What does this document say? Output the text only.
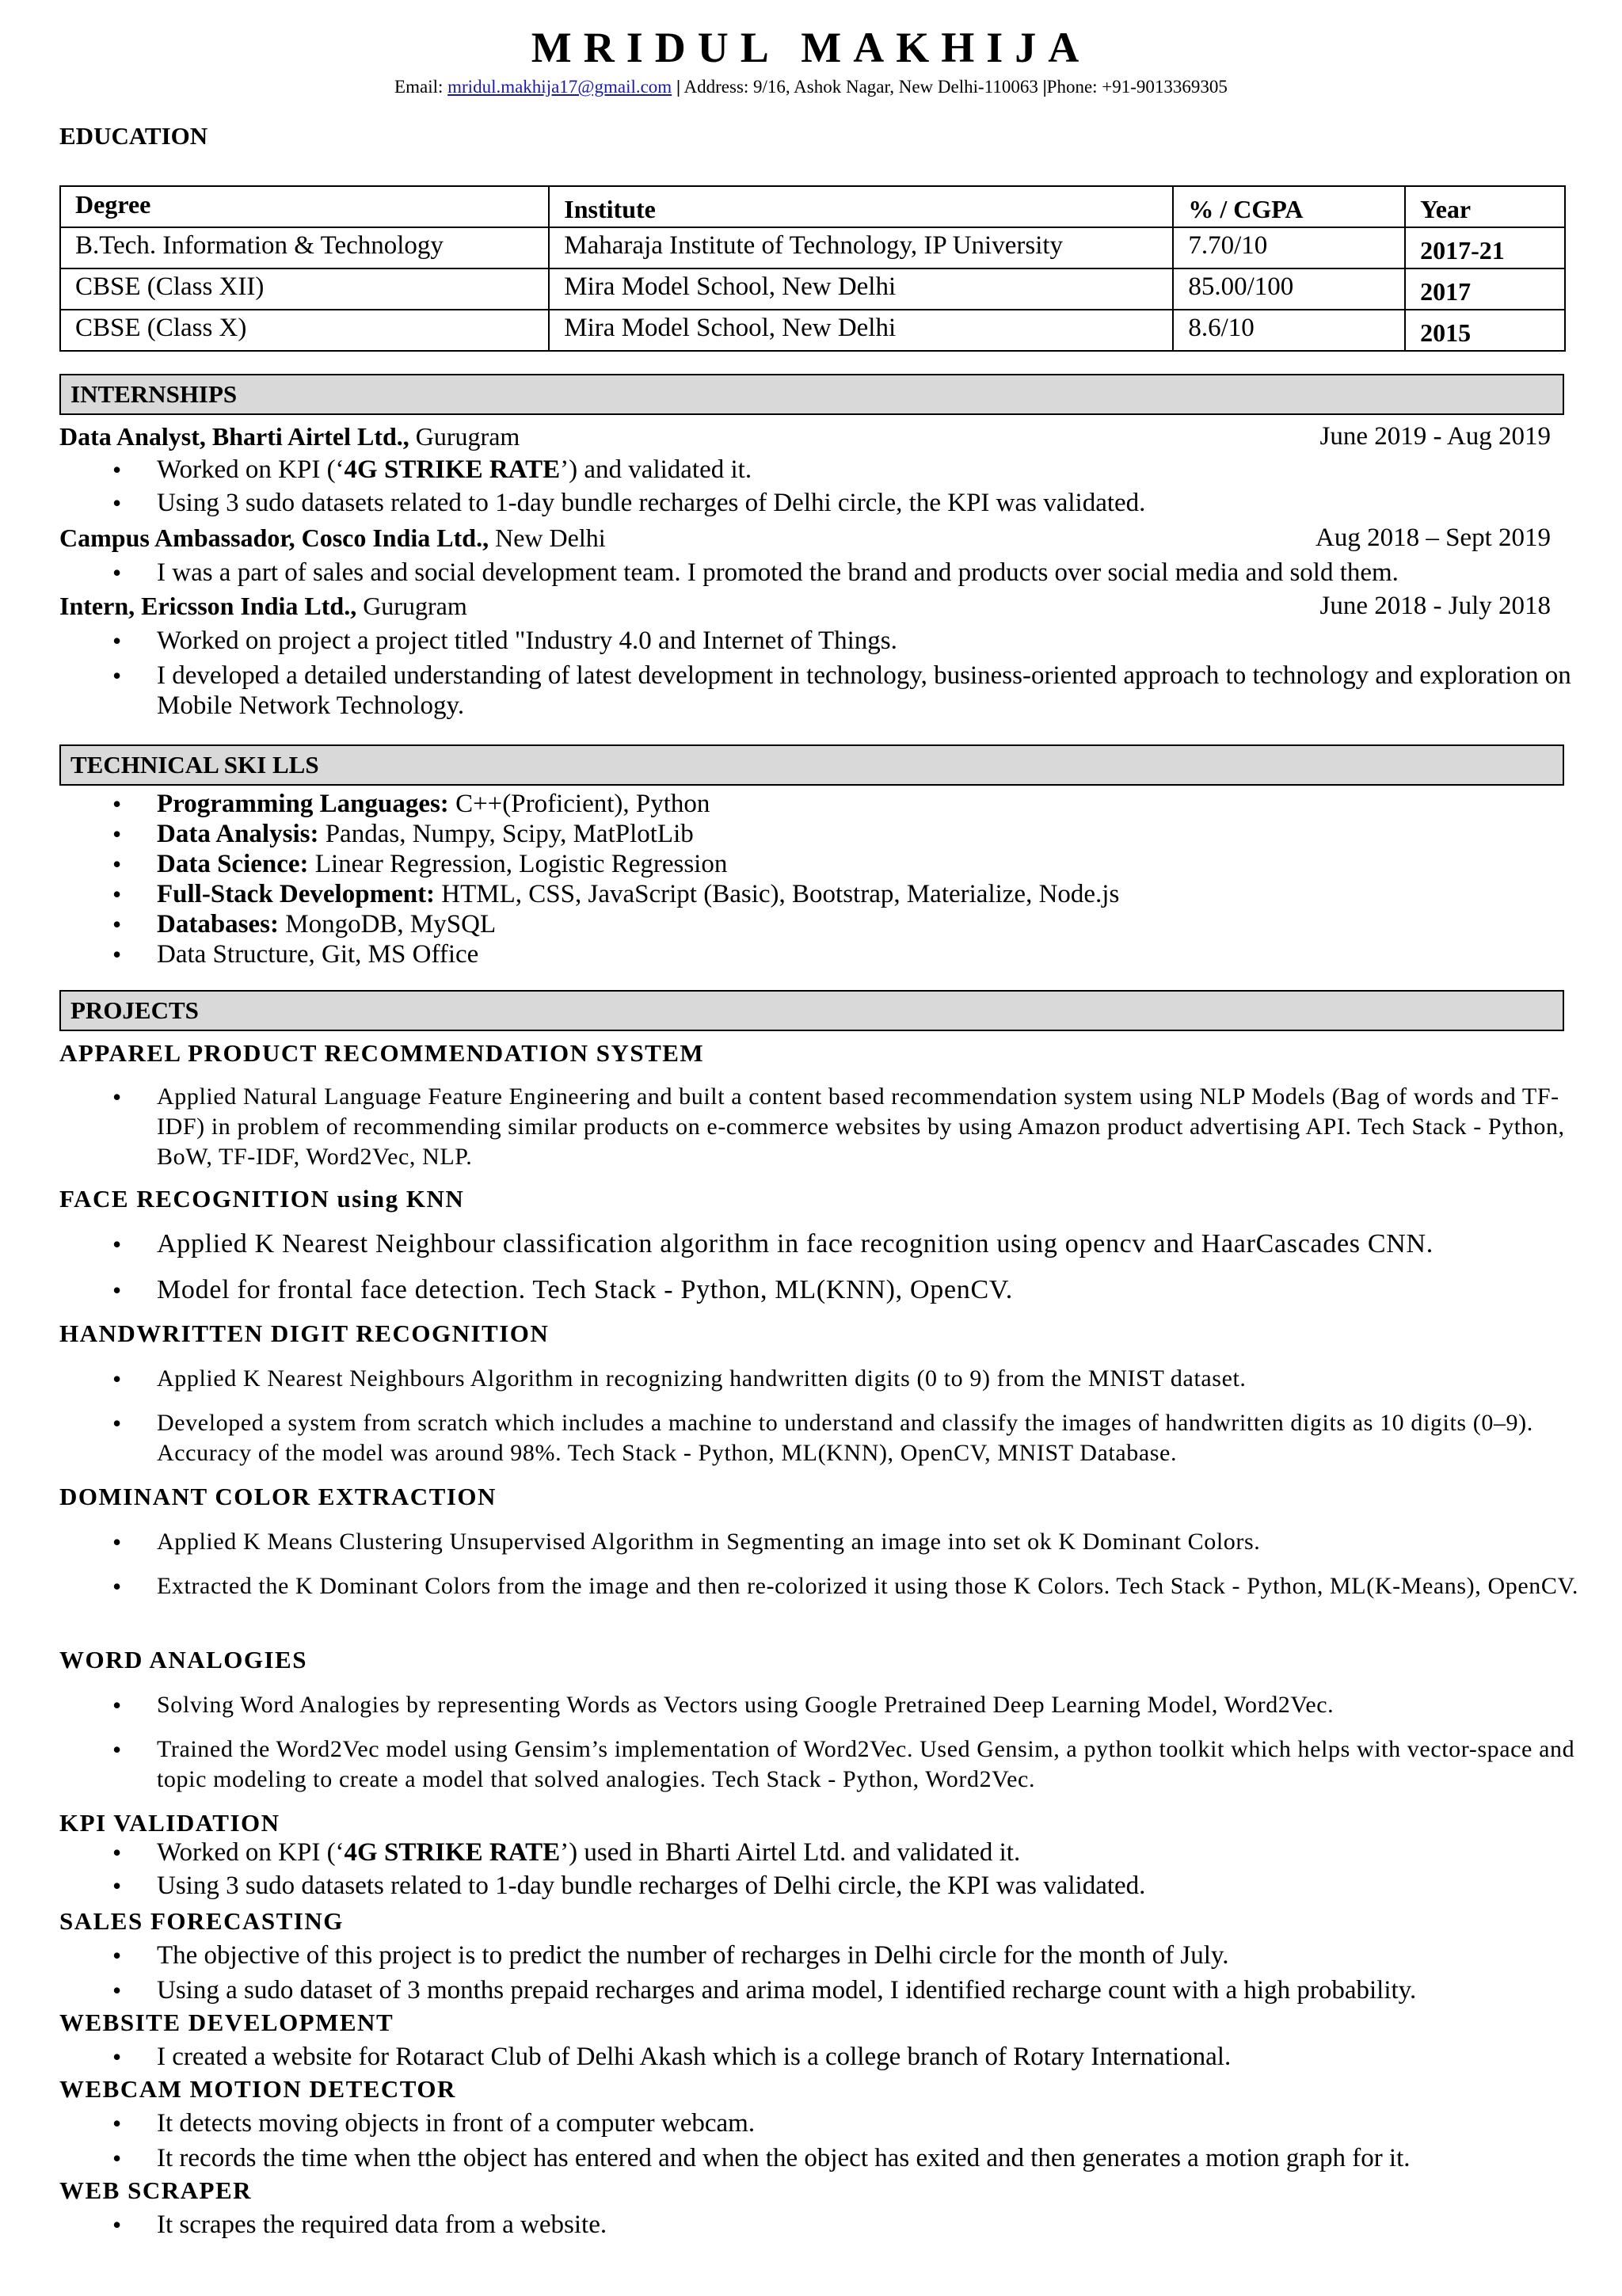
MRIDUL MAKHIJA
Email: mridul.makhija17@gmail.com | Address: 9/16, Ashok Nagar, New Delhi-110063 |Phone: +91-9013369305
EDUCATION
Degree	Institute	% / CGPA	Year
B.Tech. Information & Technology	Maharaja Institute of Technology, IP University	7.70/10	2017-21
CBSE (Class XII)	Mira Model School, New Delhi	85.00/100	2017
CBSE (Class X)	Mira Model School, New Delhi	8.6/10	2015
INTERNSHIPS
Data Analyst, Bharti Airtel Ltd., Gurugram	June 2019 - Aug 2019
• Worked on KPI (‘4G STRIKE RATE’) and validated it.
• Using 3 sudo datasets related to 1-day bundle recharges of Delhi circle, the KPI was validated.
Campus Ambassador, Cosco India Ltd., New Delhi	Aug 2018 – Sept 2019
• I was a part of sales and social development team. I promoted the brand and products over social media and sold them.
Intern, Ericsson India Ltd., Gurugram	June 2018 - July 2018
• Worked on project a project titled "Industry 4.0 and Internet of Things.
• I developed a detailed understanding of latest development in technology, business-oriented approach to technology and exploration on Mobile Network Technology.
TECHNICAL SKI LLS
• Programming Languages: C++(Proficient), Python
• Data Analysis: Pandas, Numpy, Scipy, MatPlotLib
• Data Science: Linear Regression, Logistic Regression
• Full-Stack Development: HTML, CSS, JavaScript (Basic), Bootstrap, Materialize, Node.js
• Databases: MongoDB, MySQL
• Data Structure, Git, MS Office
PROJECTS
APPAREL PRODUCT RECOMMENDATION SYSTEM
• Applied Natural Language Feature Engineering and built a content based recommendation system using NLP Models (Bag of words and TF-IDF) in problem of recommending similar products on e-commerce websites by using Amazon product advertising API. Tech Stack - Python, BoW, TF-IDF, Word2Vec, NLP.
FACE RECOGNITION using KNN
• Applied K Nearest Neighbour classification algorithm in face recognition using opencv and HaarCascades CNN.
• Model for frontal face detection. Tech Stack - Python, ML(KNN), OpenCV.
HANDWRITTEN DIGIT RECOGNITION
• Applied K Nearest Neighbours Algorithm in recognizing handwritten digits (0 to 9) from the MNIST dataset.
• Developed a system from scratch which includes a machine to understand and classify the images of handwritten digits as 10 digits (0–9). Accuracy of the model was around 98%. Tech Stack - Python, ML(KNN), OpenCV, MNIST Database.
DOMINANT COLOR EXTRACTION
• Applied K Means Clustering Unsupervised Algorithm in Segmenting an image into set ok K Dominant Colors.
• Extracted the K Dominant Colors from the image and then re-colorized it using those K Colors. Tech Stack - Python, ML(K-Means), OpenCV.
WORD ANALOGIES
• Solving Word Analogies by representing Words as Vectors using Google Pretrained Deep Learning Model, Word2Vec.
• Trained the Word2Vec model using Gensim’s implementation of Word2Vec. Used Gensim, a python toolkit which helps with vector-space and topic modeling to create a model that solved analogies. Tech Stack - Python, Word2Vec.
KPI VALIDATION
• Worked on KPI (‘4G STRIKE RATE’) used in Bharti Airtel Ltd. and validated it.
• Using 3 sudo datasets related to 1-day bundle recharges of Delhi circle, the KPI was validated.
SALES FORECASTING
• The objective of this project is to predict the number of recharges in Delhi circle for the month of July.
• Using a sudo dataset of 3 months prepaid recharges and arima model, I identified recharge count with a high probability.
WEBSITE DEVELOPMENT
• I created a website for Rotaract Club of Delhi Akash which is a college branch of Rotary International.
WEBCAM MOTION DETECTOR
• It detects moving objects in front of a computer webcam.
• It records the time when tthe object has entered and when the object has exited and then generates a motion graph for it.
WEB SCRAPER
• It scrapes the required data from a website.
